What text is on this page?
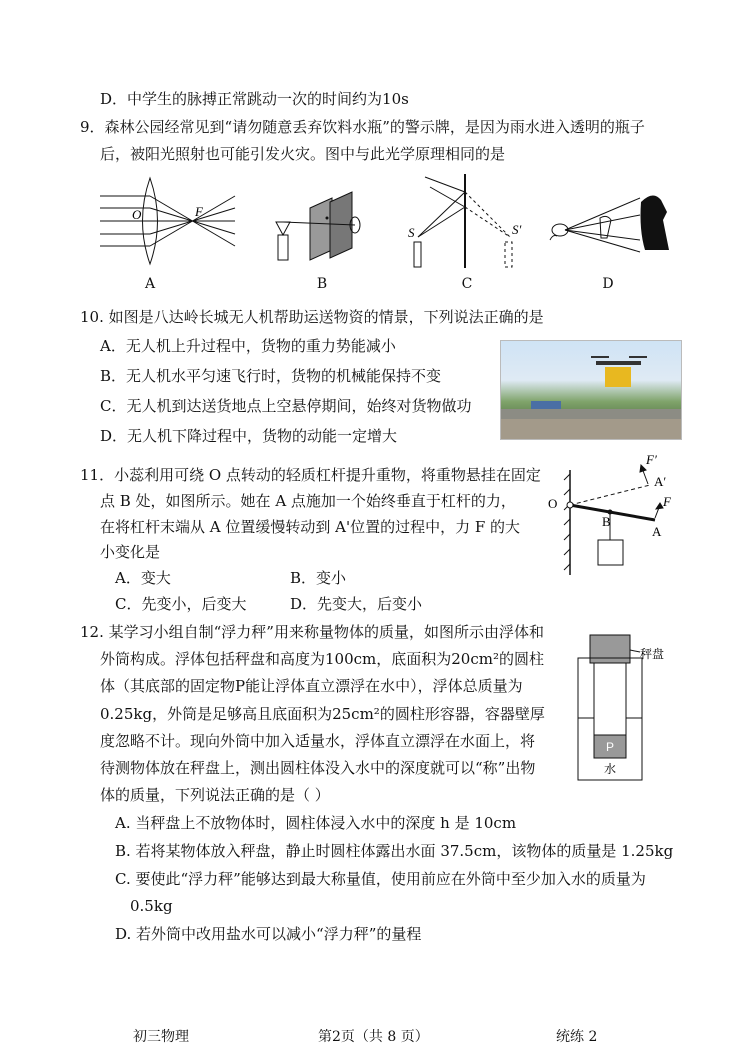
D．中学生的脉搏正常跳动一次的时间约为10s
9．森林公园经常见到“请勿随意丢弃饮料水瓶”的警示牌，是因为雨水进入透明的瓶子
后，被阳光照射也可能引发火灾。图中与此光学原理相同的是
O	F
A	B
S	S′
C	D
10. 如图是八达岭长城无人机帮助运送物资的情景，下列说法正确的是
A．无人机上升过程中，货物的重力势能减小
B．无人机水平匀速飞行时，货物的机械能保持不变
C．无人机到达送货地点上空悬停期间，始终对货物做功
D．无人机下降过程中，货物的动能一定增大
11．小蕊利用可绕 O 点转动的轻质杠杆提升重物，将重物悬挂在固定
点 B 处，如图所示。她在 A 点施加一个始终垂直于杠杆的力，
在将杠杆末端从 A 位置缓慢转动到 A'位置的过程中，力 F 的大
小变化是
A．变大	B．变小
C．先变小，后变大	D．先变大，后变小
O
B
A
A′
F
F′
12. 某学习小组自制“浮力秤”用来称量物体的质量，如图所示由浮体和
外筒构成。浮体包括秤盘和高度为100cm，底面积为20cm²的圆柱
体（其底部的固定物P能让浮体直立漂浮在水中），浮体总质量为
0.25kg，外筒是足够高且底面积为25cm²的圆柱形容器，容器壁厚
度忽略不计。现向外筒中加入适量水，浮体直立漂浮在水面上，将
待测物体放在秤盘上，测出圆柱体没入水中的深度就可以“称”出物
体的质量，下列说法正确的是（ ）
A. 当秤盘上不放物体时，圆柱体浸入水中的深度 h 是 10cm
B. 若将某物体放入秤盘，静止时圆柱体露出水面 37.5cm，该物体的质量是 1.25kg
C. 要使此“浮力秤”能够达到最大称量值，使用前应在外筒中至少加入水的质量为
0.5kg
D. 若外筒中改用盐水可以减小“浮力秤”的量程
P
水
秤盘
初三物理	第2页（共 8 页）	统练 2
